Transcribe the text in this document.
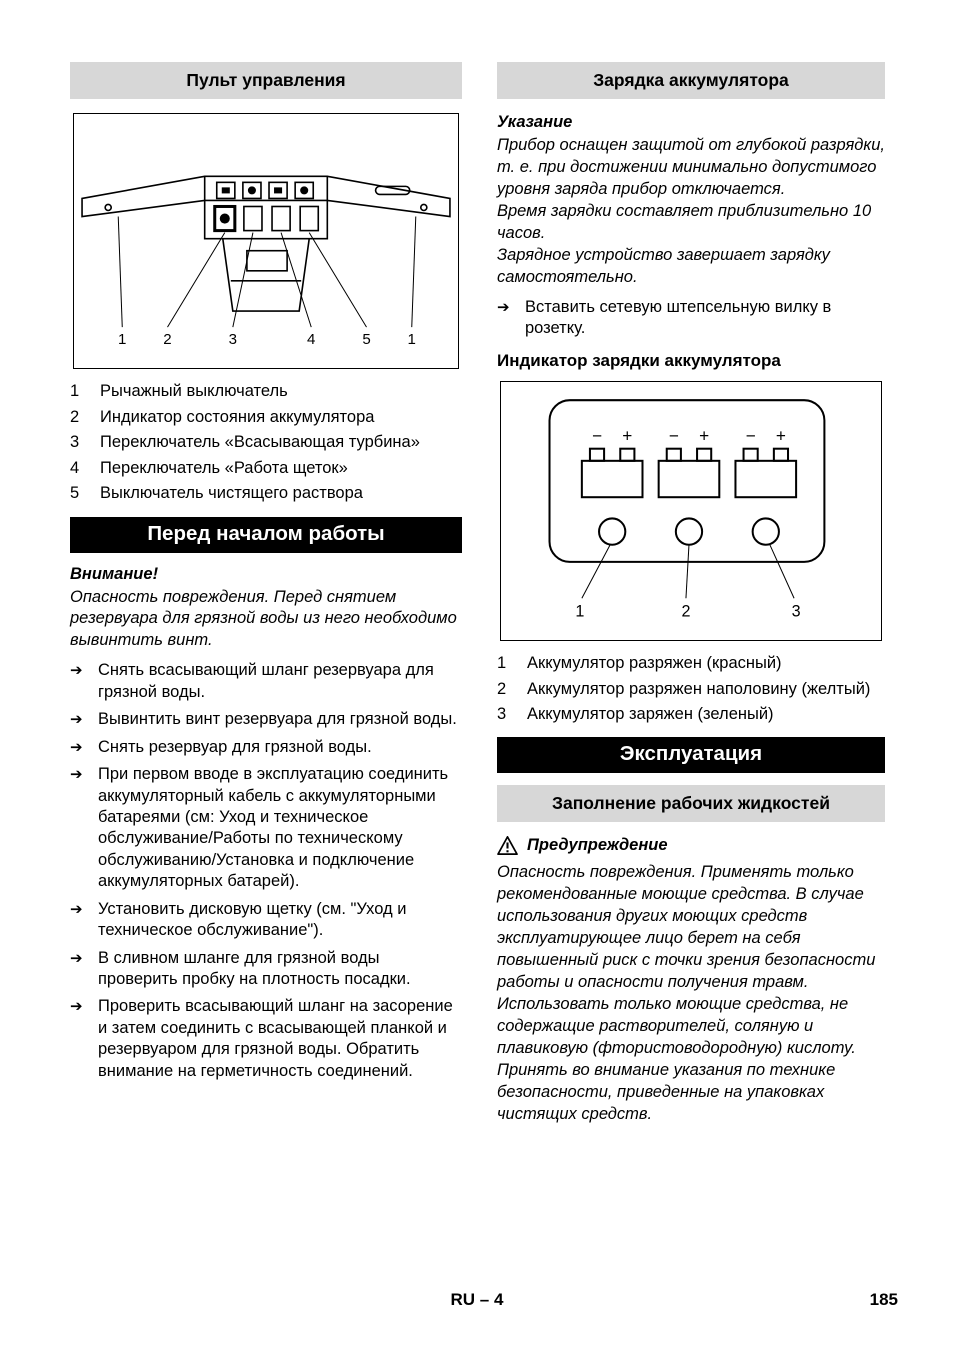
Пульт управления
1 2	3	4	5 1
1	Рычажный выключатель
2	Индикатор состояния аккумулятора
3	Переключатель «Всасывающая турбина»
4	Переключатель «Работа щеток»
5	Выключатель чистящего раствора
Перед началом работы

Внимание!

Опасность повреждения. Перед снятием резервуара для грязной воды из него необходимо вывинтить винт.

➔ Снять всасывающий шланг резервуара для грязной воды.
➔ Вывинтить винт резервуара для грязной воды.
➔ Снять резервуар для грязной воды.
➔ При первом вводе в эксплуатацию соединить аккумуляторный кабель с аккумуляторными батареями (см: Уход и техническое обслуживание/Работы по техническому обслуживанию/Установка и подключение аккумуляторных батарей).
➔ Установить дисковую щетку (см. "Уход и техническое обслуживание").
➔ В сливном шланге для грязной воды проверить пробку на плотность посадки.
➔ Проверить всасывающий шланг на засорение и затем соединить с всасывающей планкой и резервуаром для грязной воды. Обратить внимание на герметичность соединений.
Зарядка аккумулятора

Указание

Прибор оснащен защитой от глубокой разрядки, т. е. при достижении минимально допустимого уровня заряда прибор отключается.

Время зарядки составляет приблизительно 10 часов.

Зарядное устройство завершает зарядку самостоятельно.

➔ Вставить сетевую штепсельную вилку в розетку.
Индикатор зарядки аккумулятора
− + − + − +
1	2	3
1	Аккумулятор разряжен (красный)
2	Аккумулятор разряжен наполовину (желтый)
3	Аккумулятор заряжен (зеленый)
Эксплуатация
Заполнение рабочих жидкостей
Предупреждение

Опасность повреждения. Применять только рекомендованные моющие средства. В случае использования других моющих средств эксплуатирующее лицо берет на себя повышенный риск с точки зрения безопасности работы и опасности получения травм. Использовать только моющие средства, не содержащие растворителей, соляную и плавиковую (фтористоводородную) кислоту.

Принять во внимание указания по технике безопасности, приведенные на упаковках чистящих средств.

RU – 4	185
